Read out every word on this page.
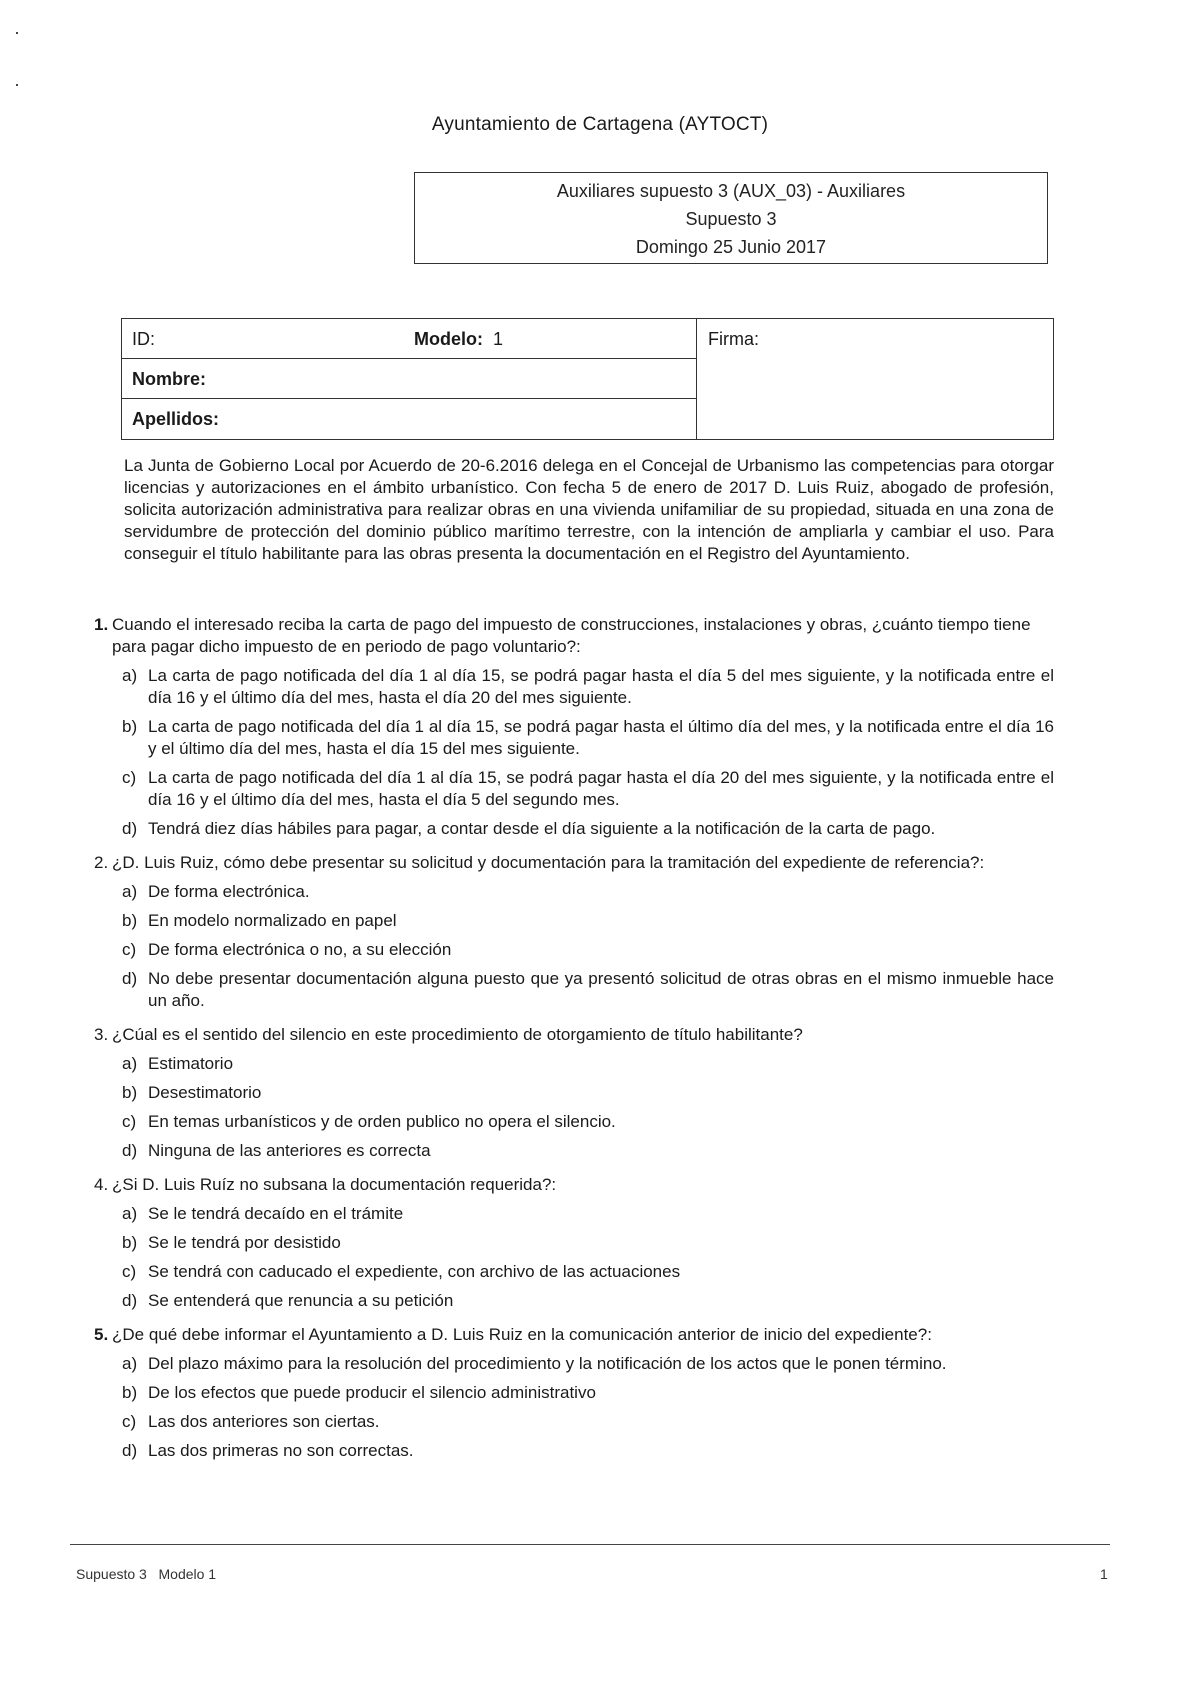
Ayuntamiento de Cartagena (AYTOCT)
Auxiliares supuesto 3 (AUX_03) - Auxiliares
Supuesto 3
Domingo 25 Junio 2017
ID:	Modelo: 1
Nombre:
Apellidos:
Firma:

La Junta de Gobierno Local por Acuerdo de 20-6.2016 delega en el Concejal de Urbanismo las competencias para otorgar licencias y autorizaciones en el ámbito urbanístico. Con fecha 5 de enero de 2017 D. Luis Ruiz, abogado de profesión, solicita autorización administrativa para realizar obras en una vivienda unifamiliar de su propiedad, situada en una zona de servidumbre de protección del dominio público marítimo terrestre, con la intención de ampliarla y cambiar el uso. Para conseguir el título habilitante para las obras presenta la documentación en el Registro del Ayuntamiento.

1. Cuando el interesado reciba la carta de pago del impuesto de construcciones, instalaciones y obras, ¿cuánto tiempo tiene para pagar dicho impuesto de en periodo de pago voluntario?:
a) La carta de pago notificada del día 1 al día 15, se podrá pagar hasta el día 5 del mes siguiente, y la notificada entre el día 16 y el último día del mes, hasta el día 20 del mes siguiente.
b) La carta de pago notificada del día 1 al día 15, se podrá pagar hasta el último día del mes, y la notificada entre el día 16 y el último día del mes, hasta el día 15 del mes siguiente.
c) La carta de pago notificada del día 1 al día 15, se podrá pagar hasta el día 20 del mes siguiente, y la notificada entre el día 16 y el último día del mes, hasta el día 5 del segundo mes.
d) Tendrá diez días hábiles para pagar, a contar desde el día siguiente a la notificación de la carta de pago.
2. ¿D. Luis Ruiz, cómo debe presentar su solicitud y documentación para la tramitación del expediente de referencia?:
a) De forma electrónica.
b) En modelo normalizado en papel
c) De forma electrónica o no, a su elección
d) No debe presentar documentación alguna puesto que ya presentó solicitud de otras obras en el mismo inmueble hace un año.
3. ¿Cúal es el sentido del silencio en este procedimiento de otorgamiento de título habilitante?
a) Estimatorio
b) Desestimatorio
c) En temas urbanísticos y de orden publico no opera el silencio.
d) Ninguna de las anteriores es correcta
4. ¿Si D. Luis Ruíz no subsana la documentación requerida?:
a) Se le tendrá decaído en el trámite
b) Se le tendrá por desistido
c) Se tendrá con caducado el expediente, con archivo de las actuaciones
d) Se entenderá que renuncia a su petición
5. ¿De qué debe informar el Ayuntamiento a D. Luis Ruiz en la comunicación anterior de inicio del expediente?:
a) Del plazo máximo para la resolución del procedimiento y la notificación de los actos que le ponen término.
b) De los efectos que puede producir el silencio administrativo
c) Las dos anteriores son ciertas.
d) Las dos primeras no son correctas.
Supuesto 3   Modelo 1	1
